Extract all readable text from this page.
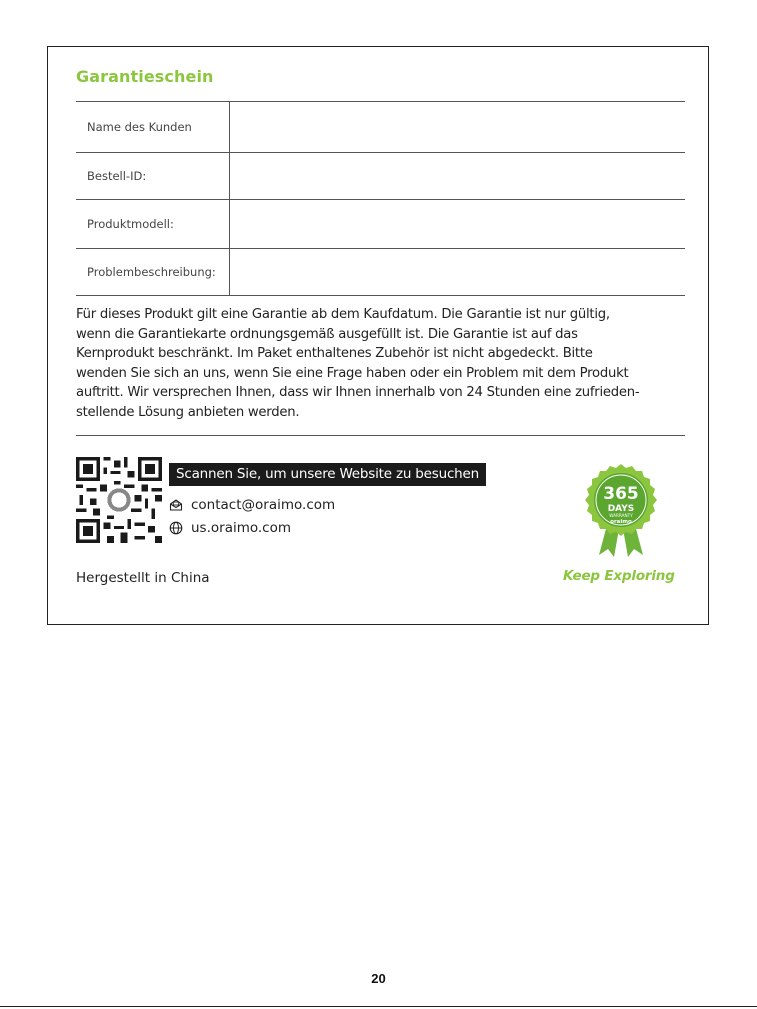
Garantieschein
Name des Kunden	
Bestell-ID:	
Produktmodell:	
Problembeschreibung:	
Für dieses Produkt gilt eine Garantie ab dem Kaufdatum. Die Garantie ist nur gültig,
wenn die Garantiekarte ordnungsgemäß ausgefüllt ist. Die Garantie ist auf das
Kernprodukt beschränkt. Im Paket enthaltenes Zubehör ist nicht abgedeckt. Bitte
wenden Sie sich an uns, wenn Sie eine Frage haben oder ein Problem mit dem Produkt
auftritt. Wir versprechen Ihnen, dass wir Ihnen innerhalb von 24 Stunden eine zufrieden-
stellende Lösung anbieten werden.
Scannen Sie, um unsere Website zu besuchen
contact@oraimo.com
us.oraimo.com
Hergestellt in China
365
DAYS
WARRANTY
oraimo
Keep Exploring
20
